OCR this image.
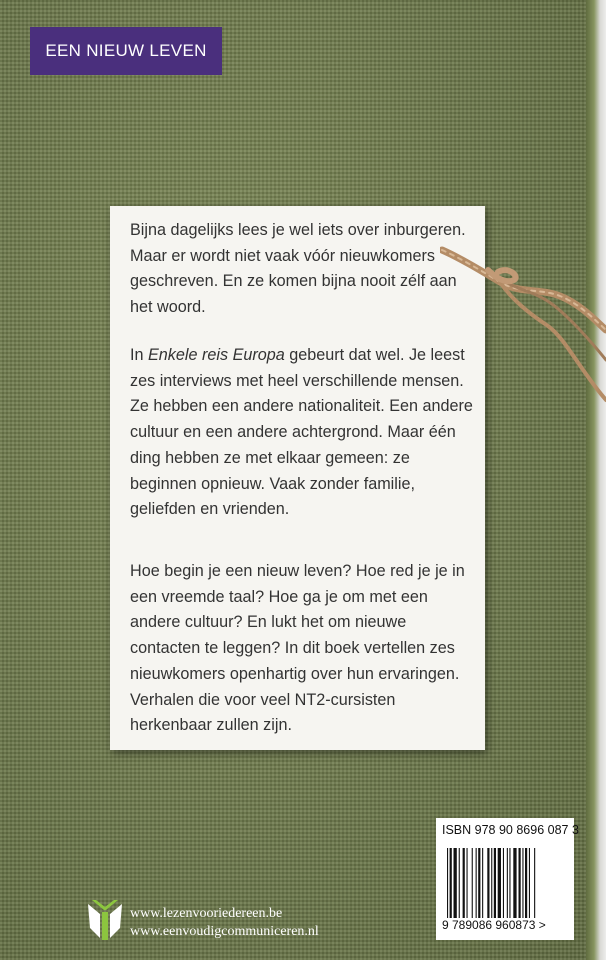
EEN NIEUW LEVEN

Bijna dagelijks lees je wel iets over inburgeren. Maar er wordt niet vaak vóór nieuwkomers geschreven. En ze komen bijna nooit zélf aan het woord.

In Enkele reis Europa gebeurt dat wel. Je leest zes interviews met heel verschillende mensen. Ze hebben een andere nationaliteit. Een andere cultuur en een andere achtergrond. Maar één ding hebben ze met elkaar gemeen: ze beginnen opnieuw. Vaak zonder familie, geliefden en vrienden.

Hoe begin je een nieuw leven? Hoe red je je in een vreemde taal? Hoe ga je om met een andere cultuur? En lukt het om nieuwe contacten te leggen? In dit boek vertellen zes nieuwkomers openhartig over hun ervaringen. Verhalen die voor veel NT2-cursisten herkenbaar zullen zijn.

ISBN 978 90 8696 087 3
9 789086 960873 >
www.lezenvooriedereen.be
www.eenvoudigcommuniceren.nl
